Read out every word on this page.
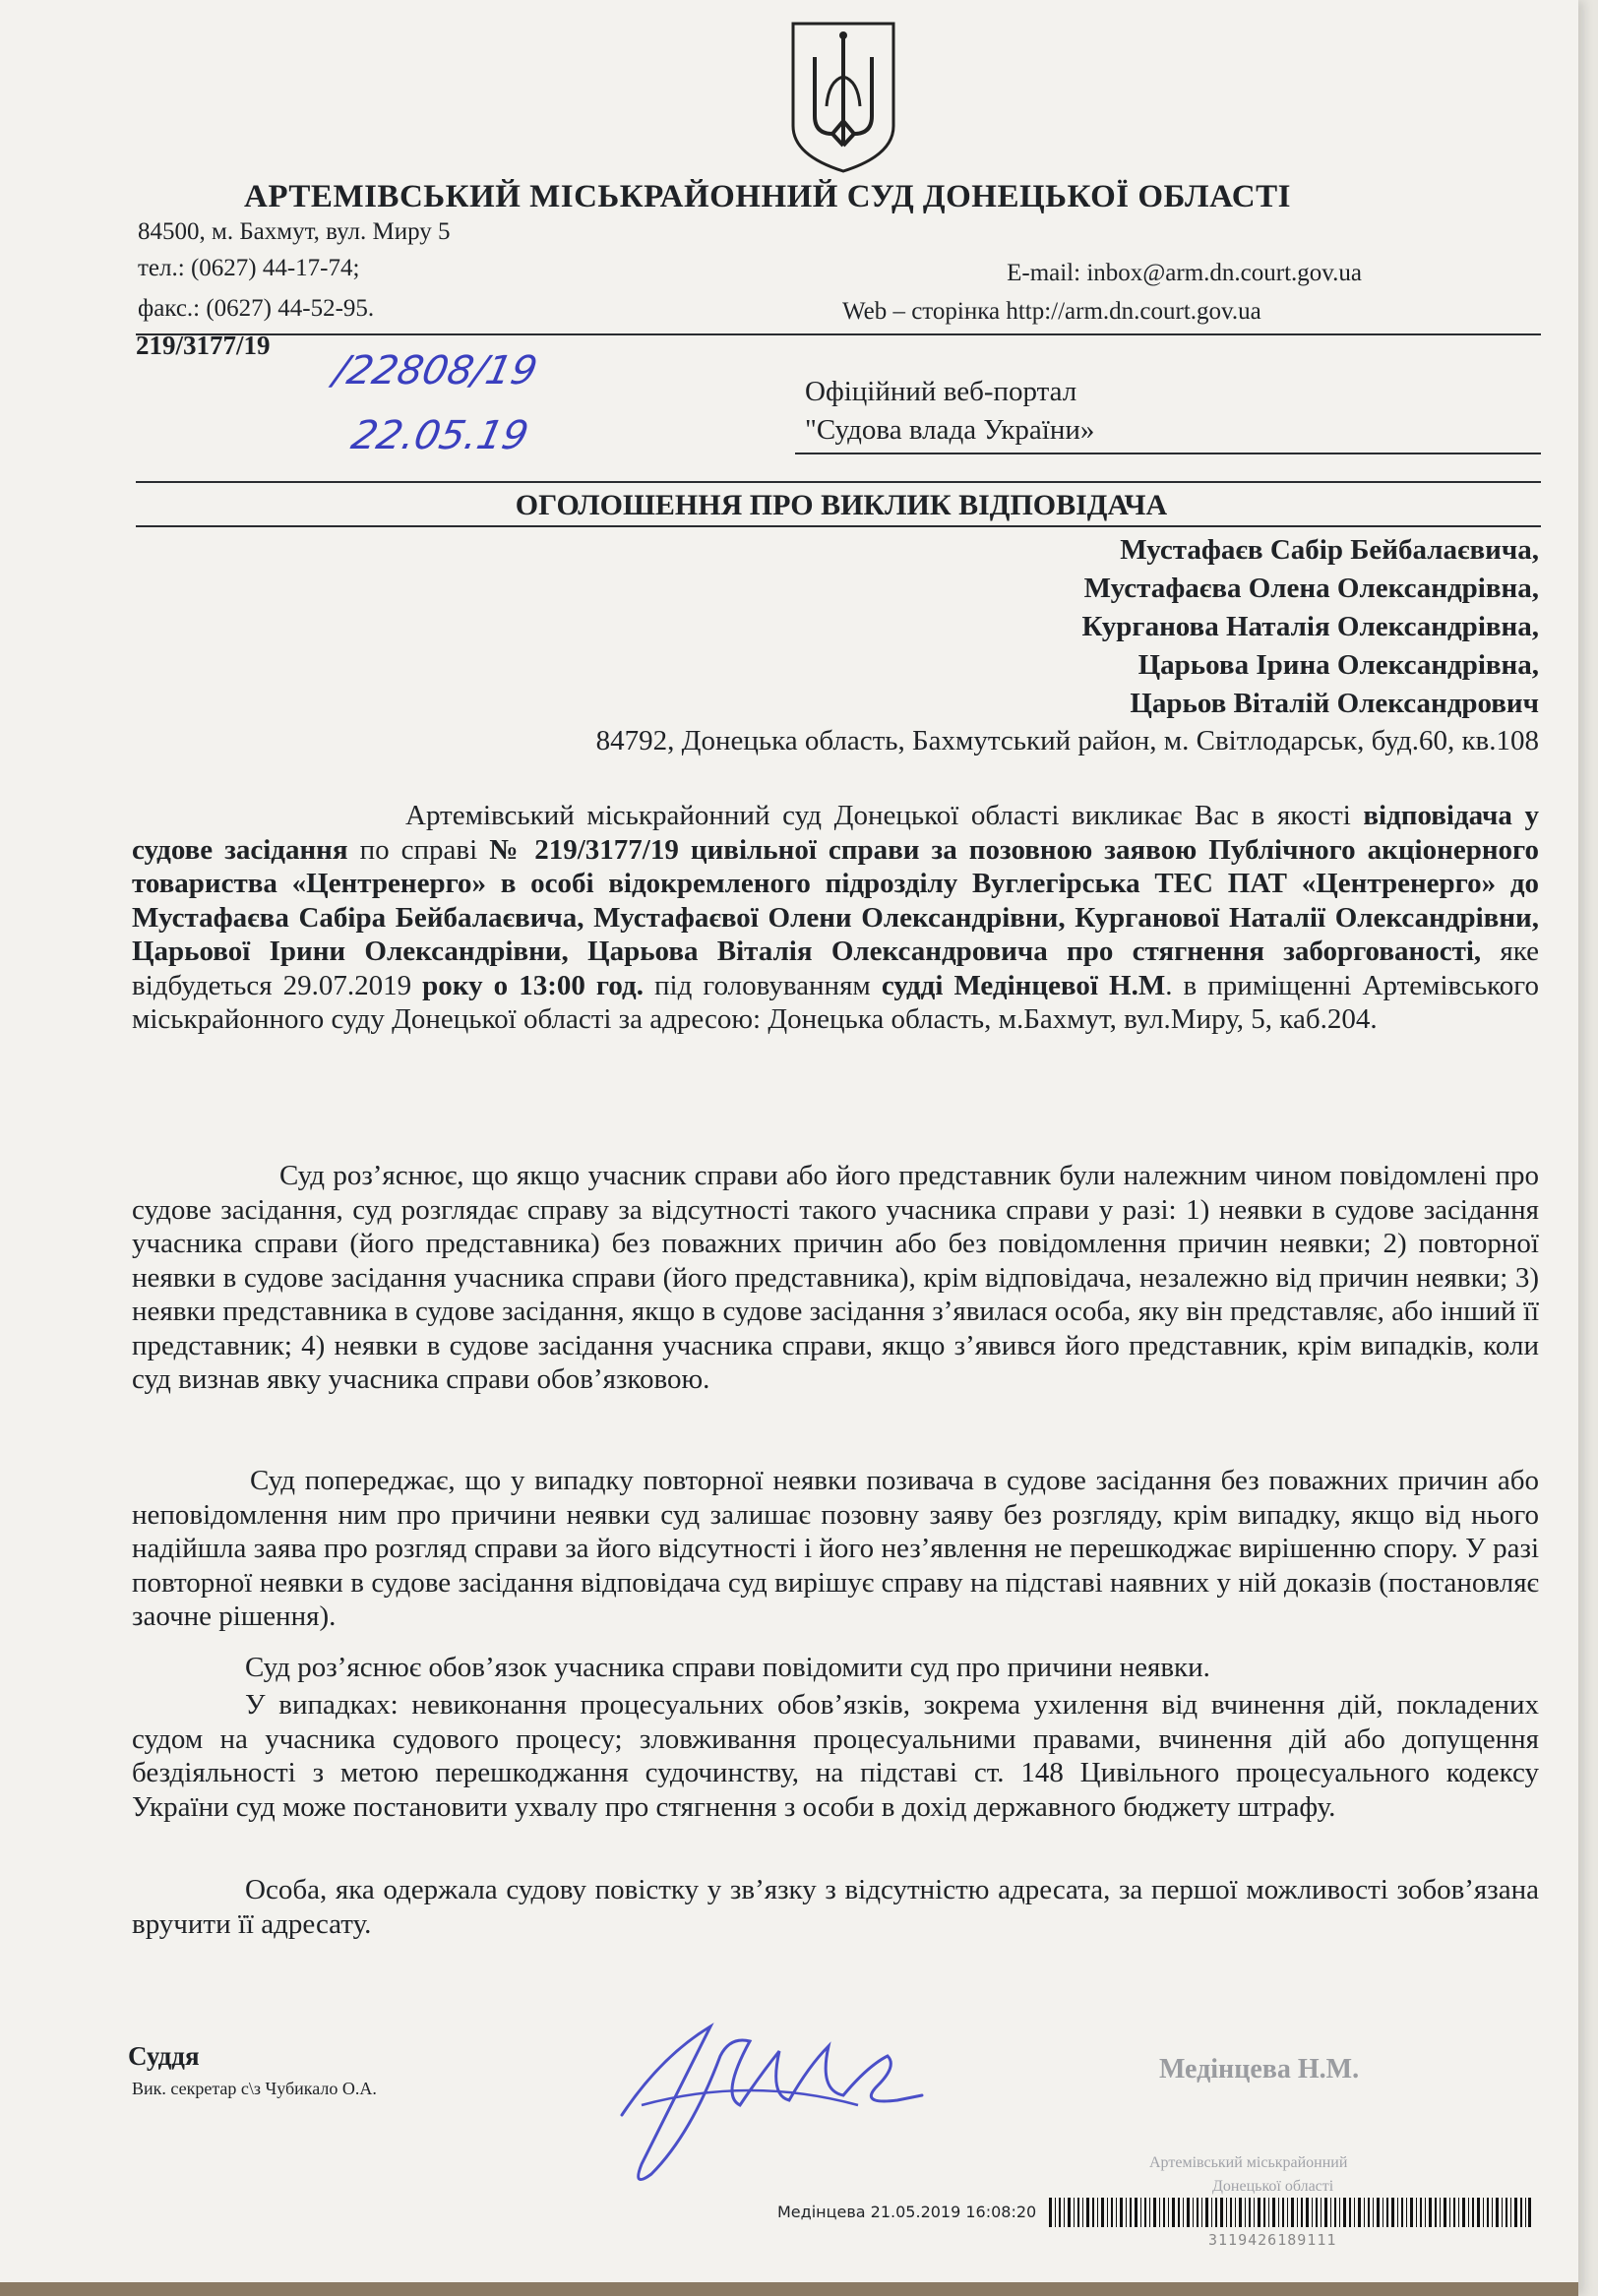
АРТЕМІВСЬКИЙ МІСЬКРАЙОННИЙ СУД ДОНЕЦЬКОЇ ОБЛАСТІ
84500, м. Бахмут, вул. Миру 5
тел.: (0627) 44-17-74;	E-mail: inbox@arm.dn.court.gov.ua
факс.: (0627) 44-52-95.	Web – сторінка http://arm.dn.court.gov.ua
219/3177/19
/22808/19
22.05.19
Офіційний веб-портал
"Судова влада України»
ОГОЛОШЕННЯ ПРО ВИКЛИК ВІДПОВІДАЧА
Мустафаєв Сабір Бейбалаєвича,
Мустафаєва Олена Олександрівна,
Курганова Наталія Олександрівна,
Царьова Ірина Олександрівна,
Царьов Віталій Олександрович
84792, Донецька область, Бахмутський район, м. Світлодарськ, буд.60, кв.108

Артемівський міськрайонний суд Донецької області викликає Вас в якості відповідача у судове засідання по справі № 219/3177/19 цивільної справи за позовною заявою Публічного акціонерного товариства «Центренерго» в особі відокремленого підрозділу Вуглегірська ТЕС ПАТ «Центренерго» до Мустафаєва Сабіра Бейбалаєвича, Мустафаєвої Олени Олександрівни, Курганової Наталії Олександрівни, Царьової Ірини Олександрівни, Царьова Віталія Олександровича про стягнення заборгованості, яке відбудеться 29.07.2019 року о 13:00 год. під головуванням судді Медінцевої Н.М. в приміщенні Артемівського міськрайонного суду Донецької області за адресою: Донецька область, м.Бахмут, вул.Миру, 5, каб.204.

Суд роз’яснює, що якщо учасник справи або його представник були належним чином повідомлені про судове засідання, суд розглядає справу за відсутності такого учасника справи у разі: 1) неявки в судове засідання учасника справи (його представника) без поважних причин або без повідомлення причин неявки; 2) повторної неявки в судове засідання учасника справи (його представника), крім відповідача, незалежно від причин неявки; 3) неявки представника в судове засідання, якщо в судове засідання з’явилася особа, яку він представляє, або інший її представник; 4) неявки в судове засідання учасника справи, якщо з’явився його представник, крім випадків, коли суд визнав явку учасника справи обов’язковою.

Суд попереджає, що у випадку повторної неявки позивача в судове засідання без поважних причин або неповідомлення ним про причини неявки суд залишає позовну заяву без розгляду, крім випадку, якщо від нього надійшла заява про розгляд справи за його відсутності і його нез’явлення не перешкоджає вирішенню спору. У разі повторної неявки в судове засідання відповідача суд вирішує справу на підставі наявних у ній доказів (постановляє заочне рішення).

Суд роз’яснює обов’язок учасника справи повідомити суд про причини неявки.

У випадках: невиконання процесуальних обов’язків, зокрема ухилення від вчинення дій, покладених судом на учасника судового процесу; зловживання процесуальними правами, вчинення дій або допущення бездіяльності з метою перешкоджання судочинству, на підставі ст. 148 Цивільного процесуального кодексу України суд може постановити ухвалу про стягнення з особи в дохід державного бюджету штрафу.

Особа, яка одержала судову повістку у зв’язку з відсутністю адресата, за першої можливості зобов’язана вручити її адресату.

Суддя
Вик. секретар с\з Чубикало О.А.
Медінцева Н.М.
Артемівський міськрайонний
Донецької області
Медінцева 21.05.2019 16:08:20
3119426189111
